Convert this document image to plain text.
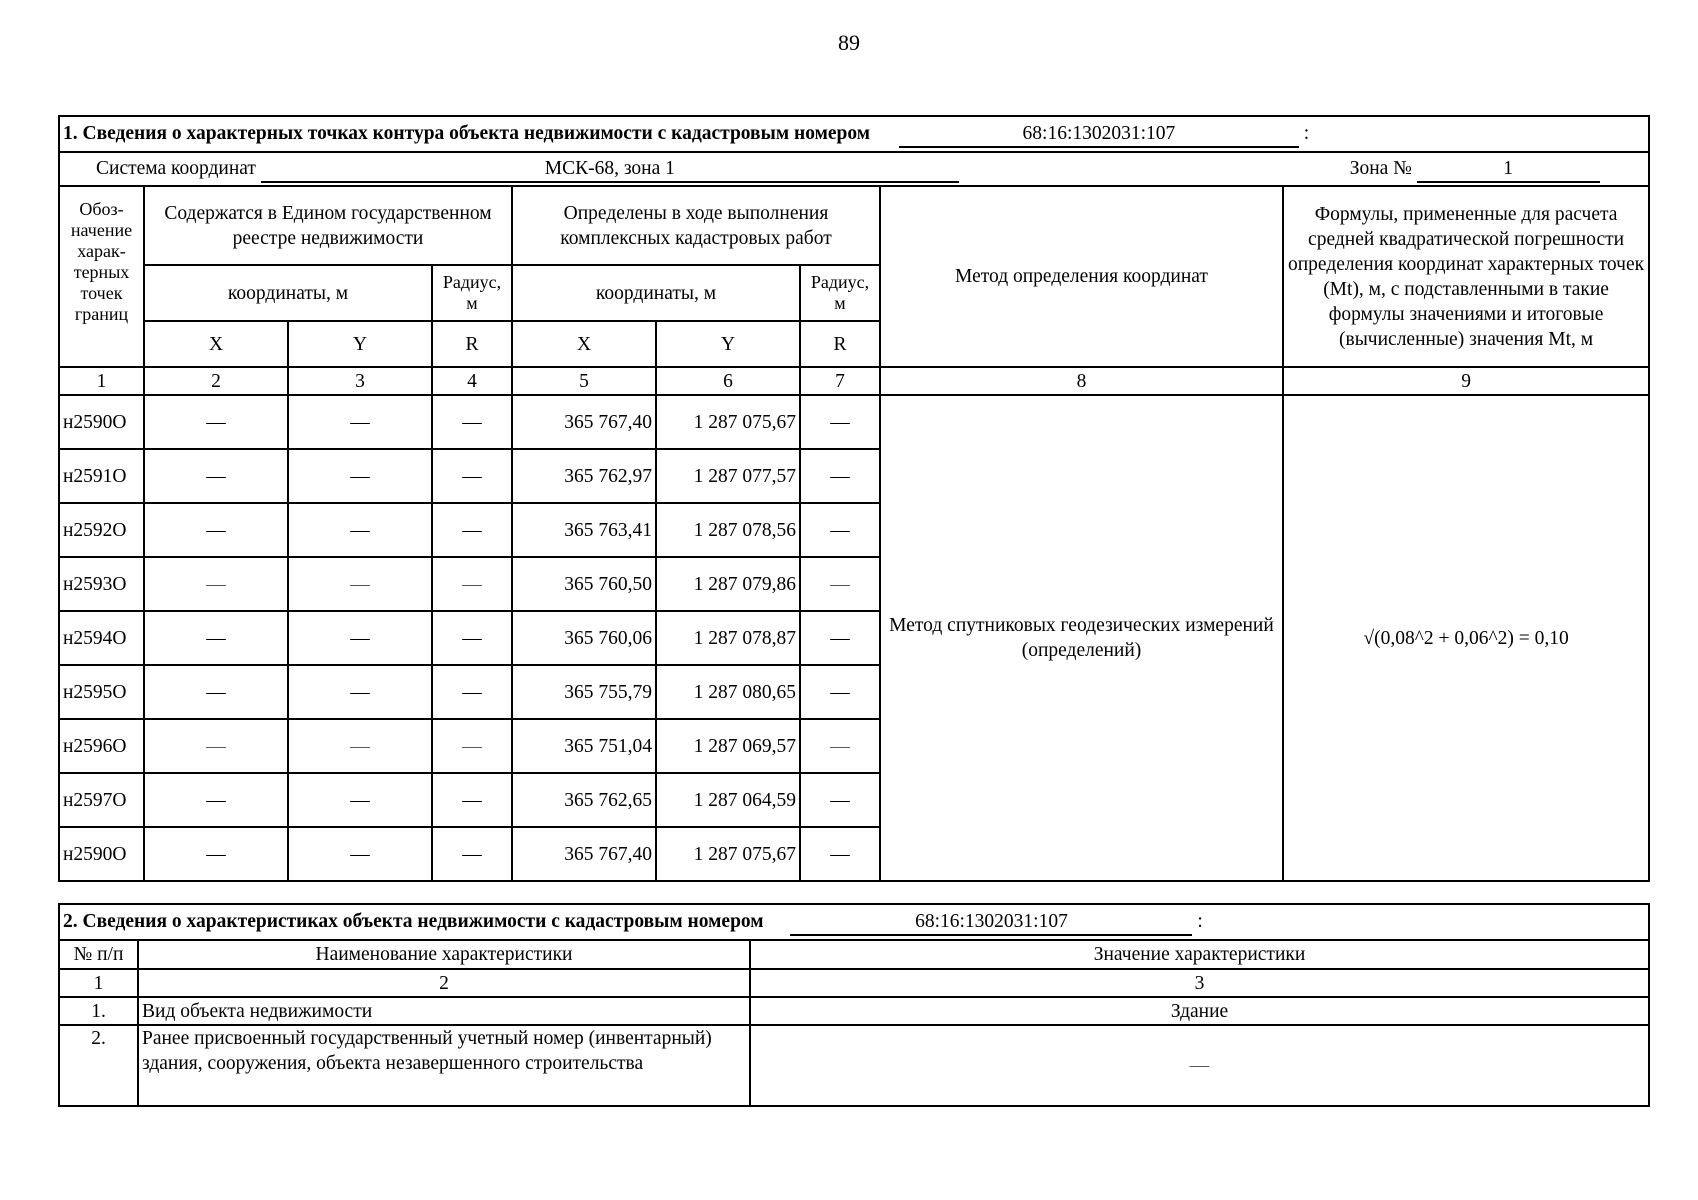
89
1. Сведения о характерных точках контура объекта недвижимости с кадастровым номером 68:16:1302031:107 :								
Система координат МСК-68, зона 1 Зона № 1								
Обоз-начение харак-терных точек границ	Содержатся в Едином государственном реестре недвижимости			Определены в ходе выполнения комплексных кадастровых работ			Метод определения координат	Формулы, примененные для расчета средней квадратической погрешности определения координат характерных точек (Mt), м, с подставленными в такие формулы значениями и итоговые (вычисленные) значения Mt, м
	координаты, м		Радиус, м	координаты, м		Радиус, м		
	X	Y	R	X	Y	R		
1	2	3	4	5	6	7	8	9
н2590О	—	—	—	365 767,40	1 287 075,67	—	Метод спутниковых геодезических измерений (определений)	√(0,08^2 + 0,06^2) = 0,10
н2591О	—	—	—	365 762,97	1 287 077,57	—		
н2592О	—	—	—	365 763,41	1 287 078,56	—		
н2593О	—	—	—	365 760,50	1 287 079,86	—		
н2594О	—	—	—	365 760,06	1 287 078,87	—		
н2595О	—	—	—	365 755,79	1 287 080,65	—		
н2596О	—	—	—	365 751,04	1 287 069,57	—		
н2597О	—	—	—	365 762,65	1 287 064,59	—		
н2590О	—	—	—	365 767,40	1 287 075,67	—		
2. Сведения о характеристиках объекта недвижимости с кадастровым номером 68:16:1302031:107 :		
№ п/п	Наименование характеристики	Значение характеристики
1	2	3
1.	Вид объекта недвижимости	Здание
2.	Ранее присвоенный государственный учетный номер (инвентарный) здания, сооружения, объекта незавершенного строительства	—
